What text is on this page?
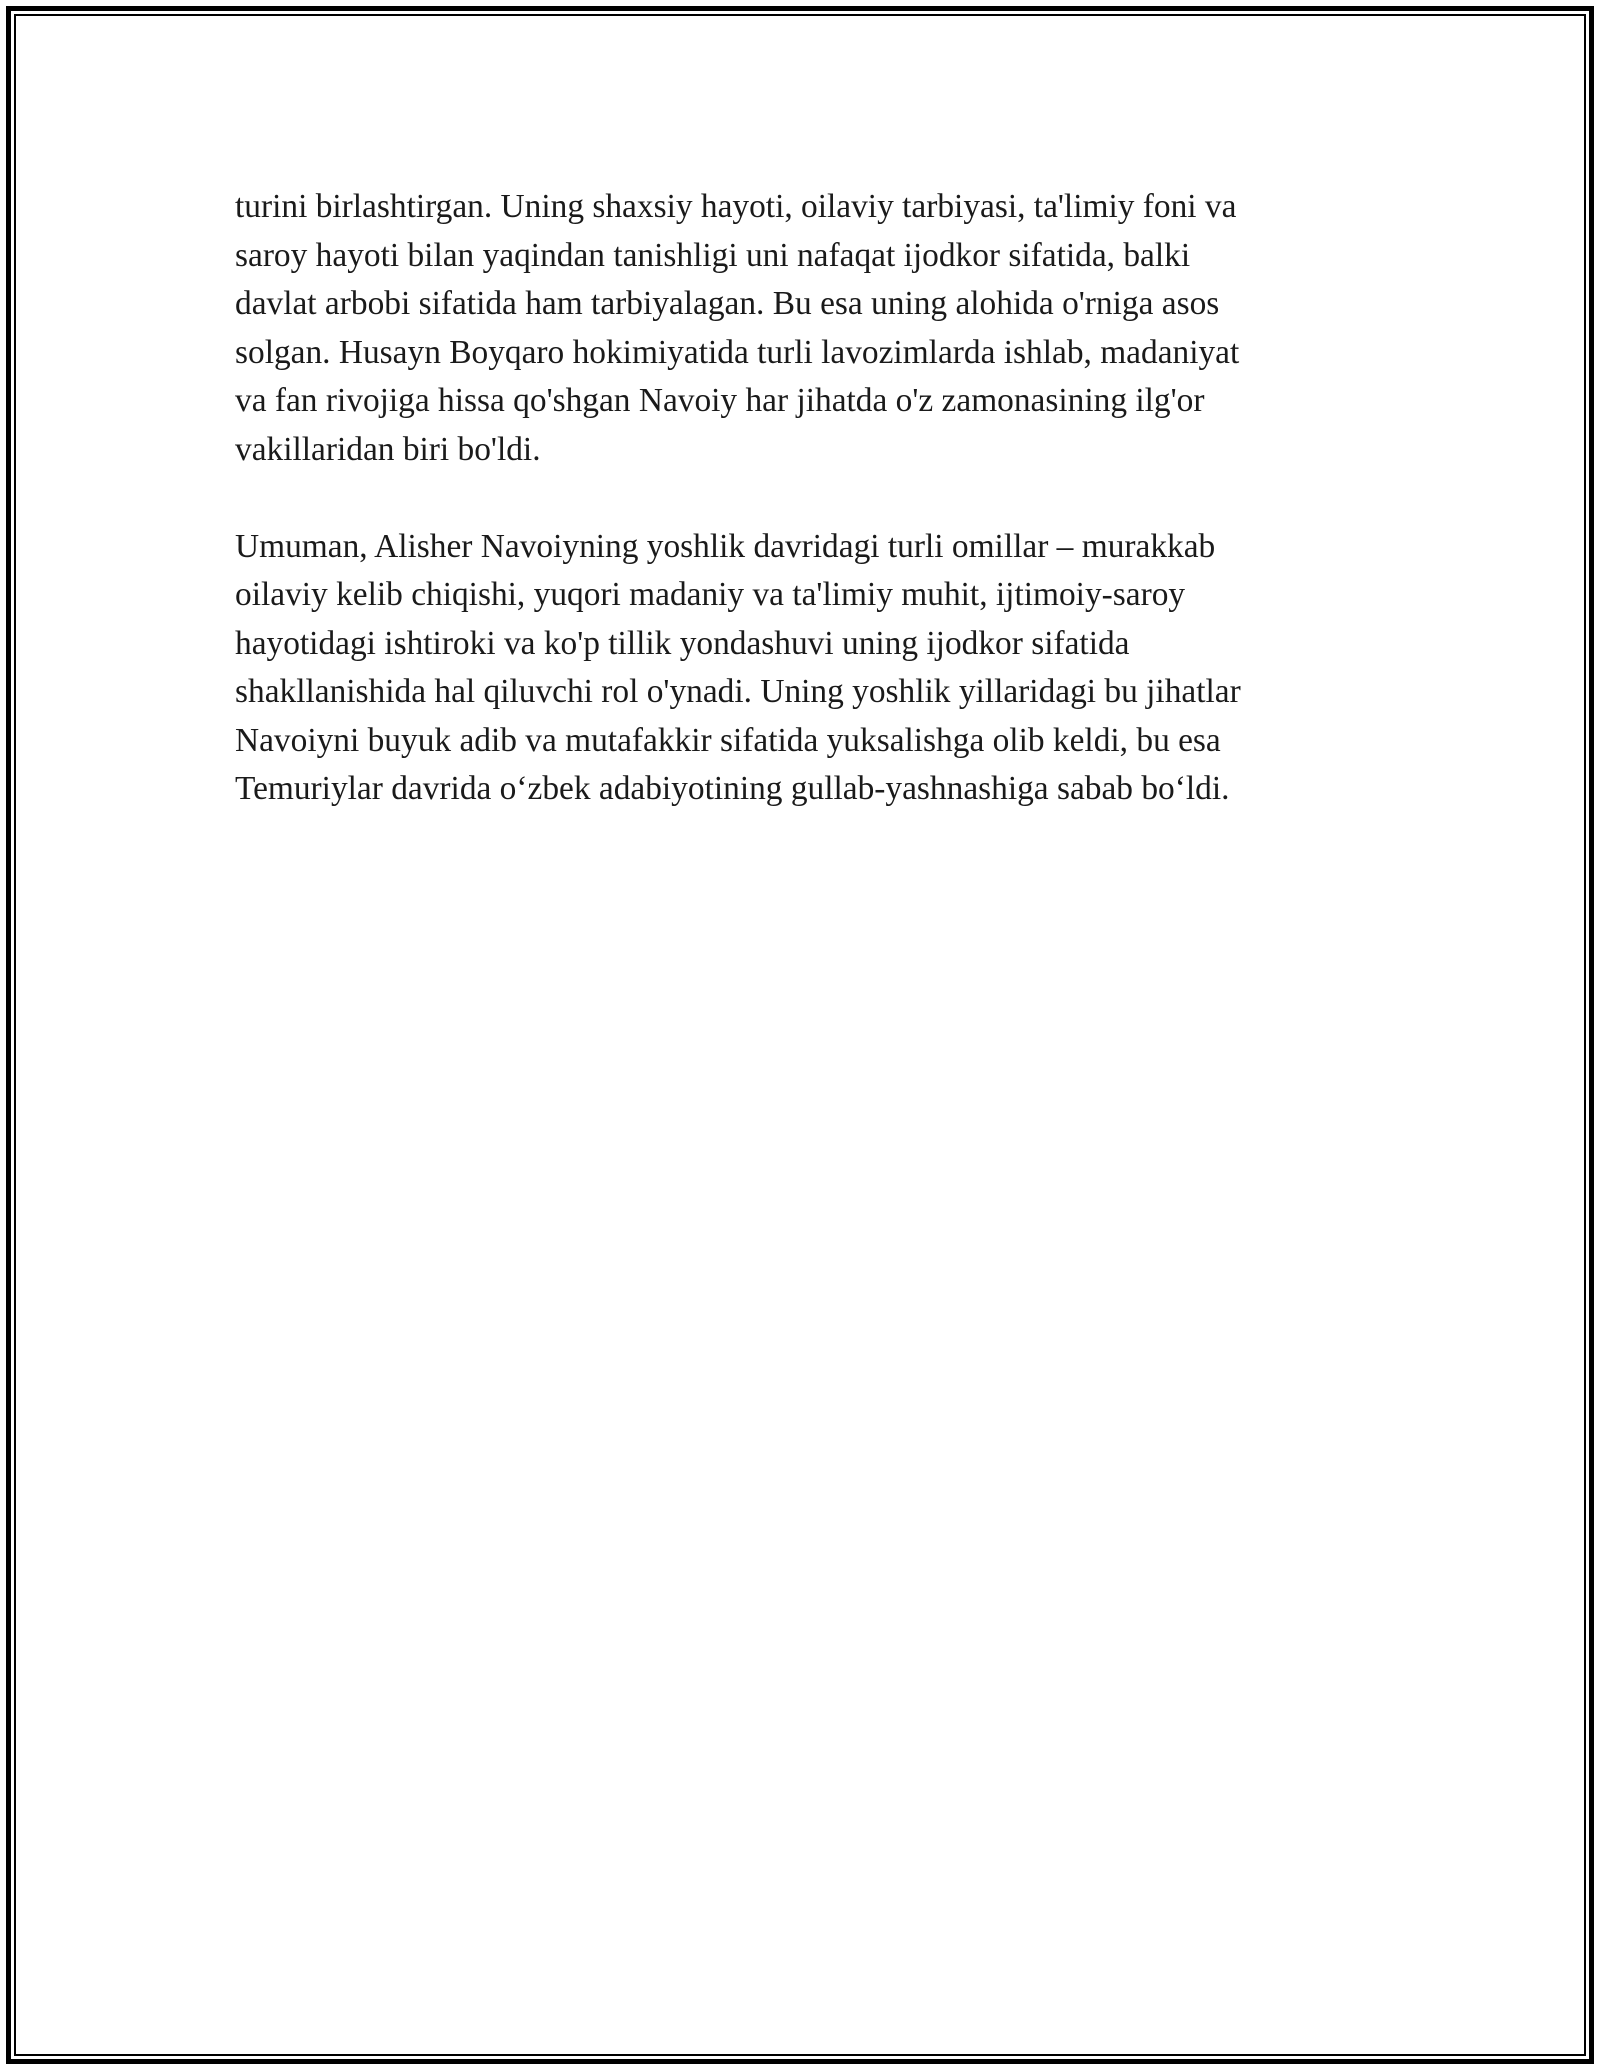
turini birlashtirgan. Uning shaxsiy hayoti, oilaviy tarbiyasi, ta'limiy foni va
saroy hayoti bilan yaqindan tanishligi uni nafaqat ijodkor sifatida, balki
davlat arbobi sifatida ham tarbiyalagan. Bu esa uning alohida o'rniga asos
solgan. Husayn Boyqaro hokimiyatida turli lavozimlarda ishlab, madaniyat
va fan rivojiga hissa qo'shgan Navoiy har jihatda o'z zamonasining ilg'or
vakillaridan biri bo'ldi.

Umuman, Alisher Navoiyning yoshlik davridagi turli omillar – murakkab
oilaviy kelib chiqishi, yuqori madaniy va ta'limiy muhit, ijtimoiy-saroy
hayotidagi ishtiroki va ko'p tillik yondashuvi uning ijodkor sifatida
shakllanishida hal qiluvchi rol o'ynadi. Uning yoshlik yillaridagi bu jihatlar
Navoiyni buyuk adib va mutafakkir sifatida yuksalishga olib keldi, bu esa
Temuriylar davrida o‘zbek adabiyotining gullab-yashnashiga sabab bo‘ldi.
